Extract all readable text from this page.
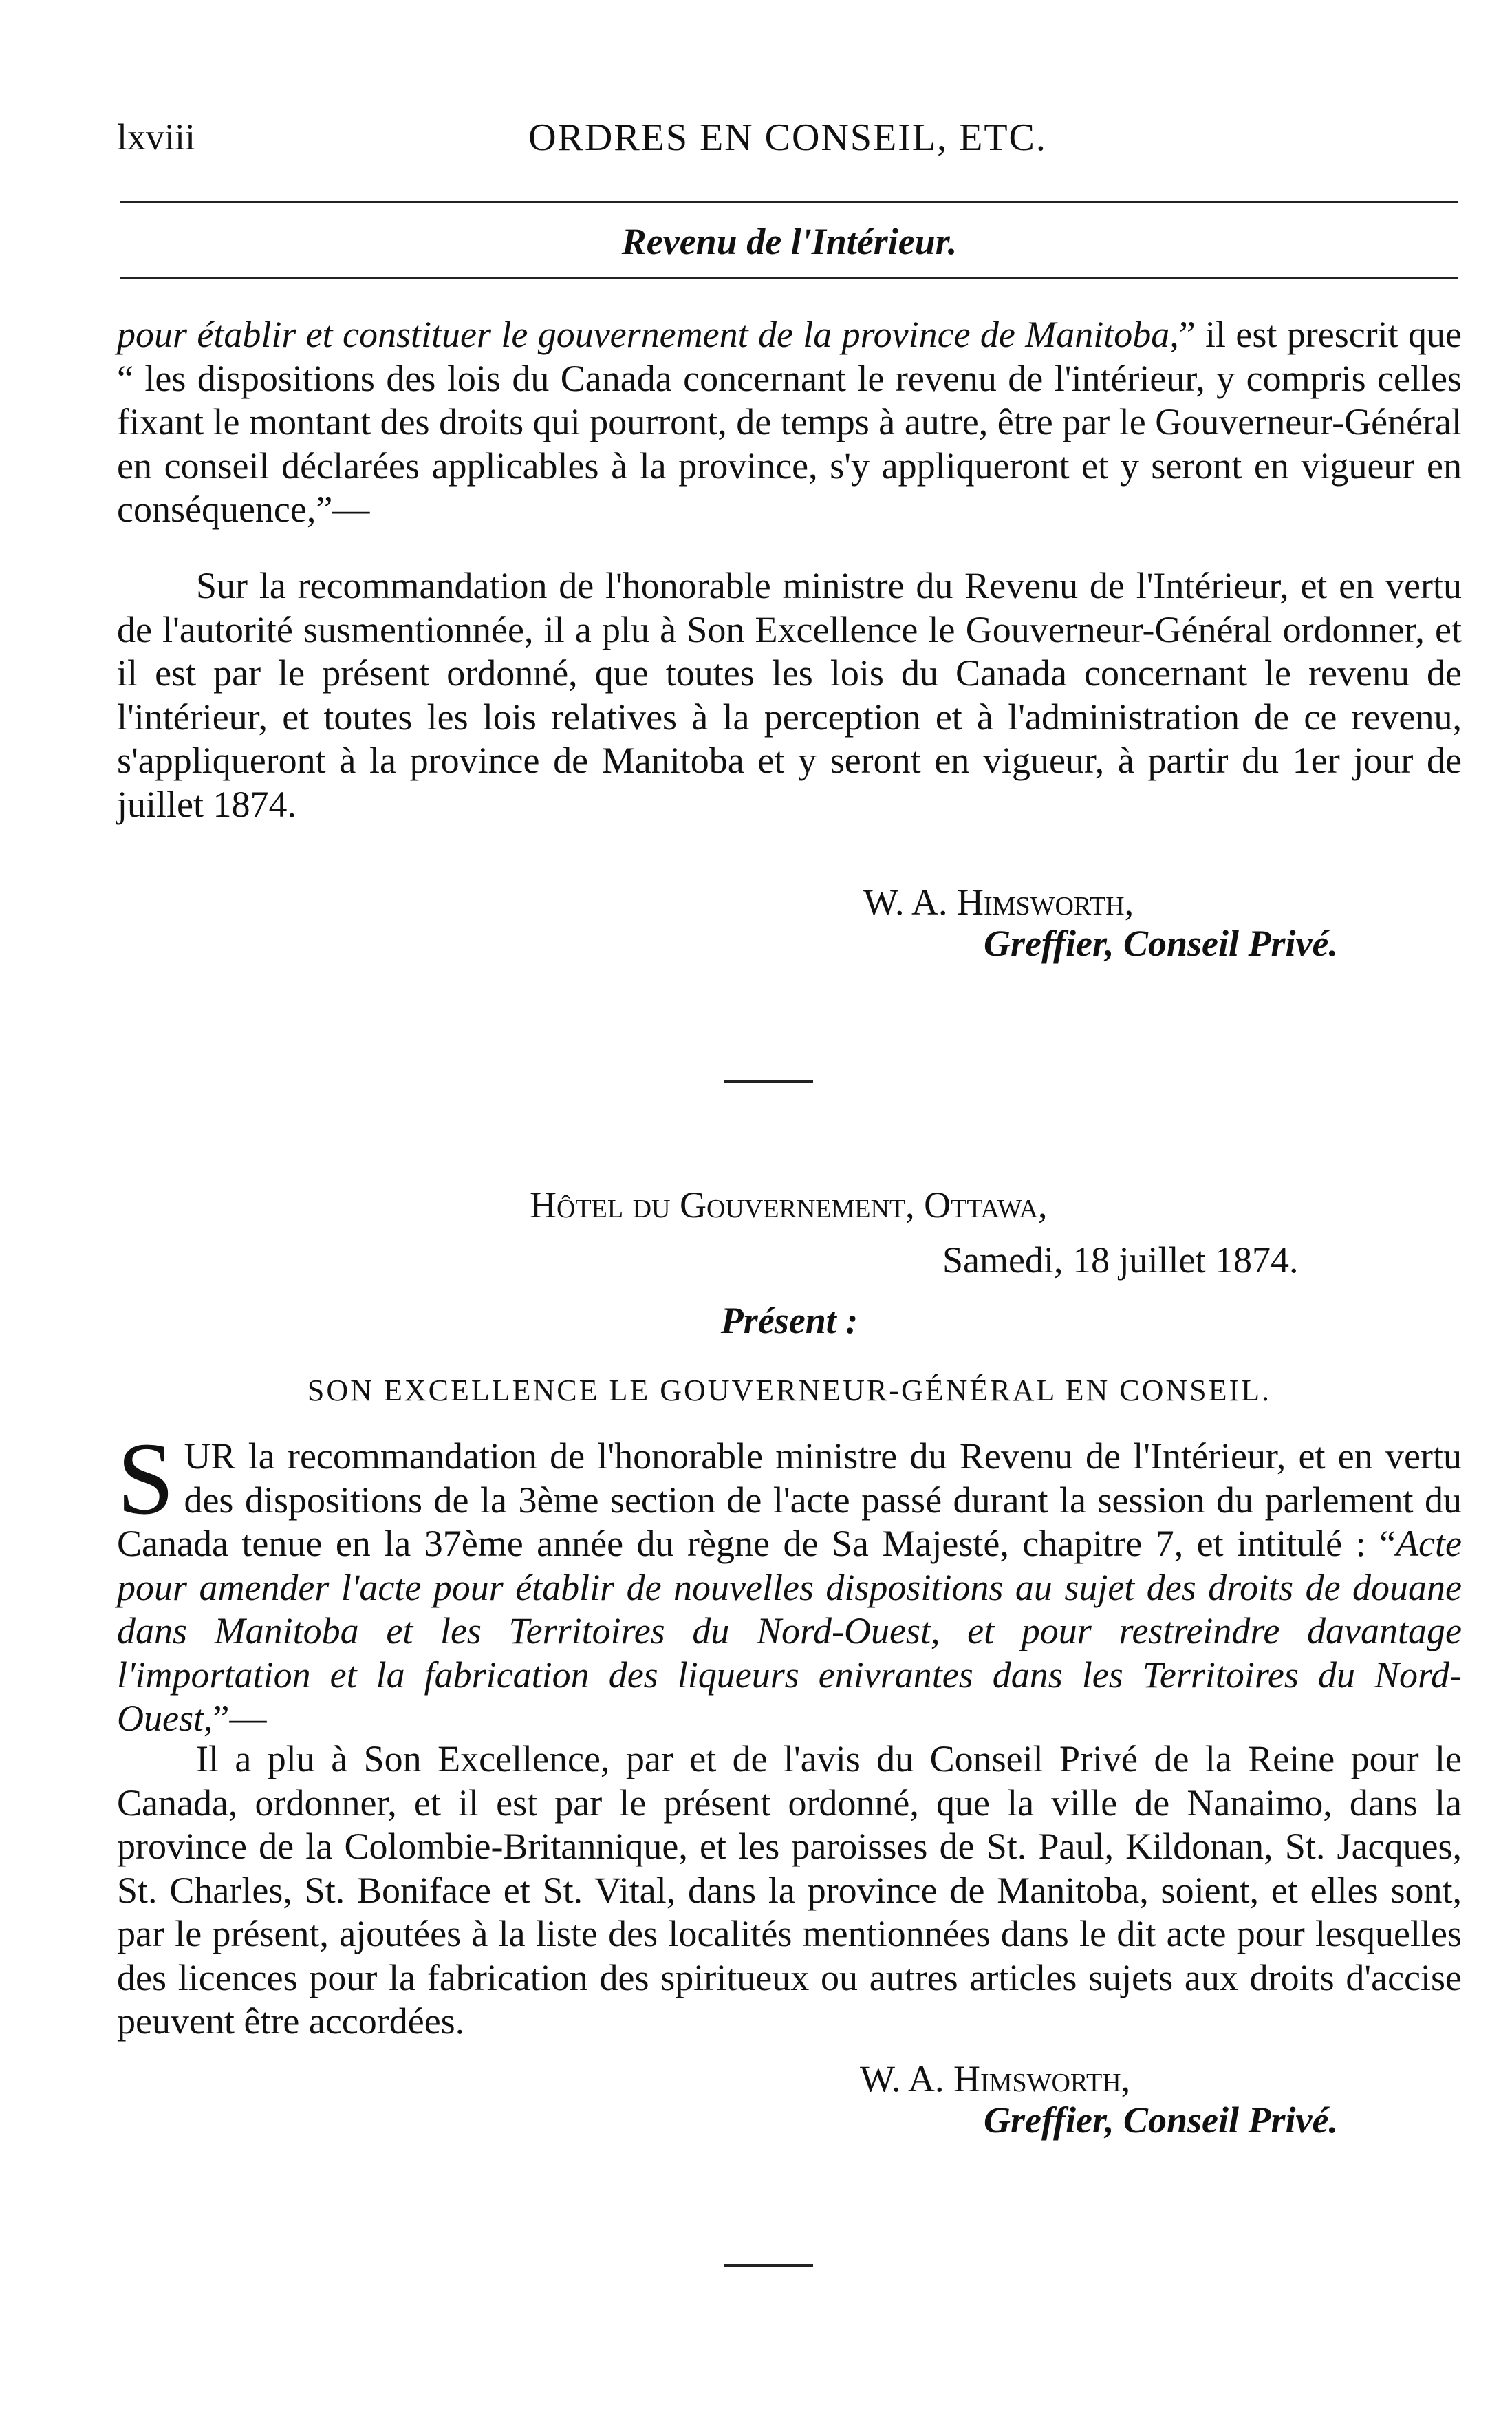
lxviii	ORDRES EN CONSEIL, ETC.
Revenu de l'Intérieur.

pour établir et constituer le gouvernement de la province de Manitoba,” il est prescrit que “ les dispositions des lois du Canada concernant le revenu de l'intérieur, y compris celles fixant le montant des droits qui pourront, de temps à autre, être par le Gouverneur-Général en conseil déclarées applicables à la province, s'y appliqueront et y seront en vigueur en conséquence,”—

Sur la recommandation de l'honorable ministre du Revenu de l'Intérieur, et en vertu de l'autorité susmentionnée, il a plu à Son Excellence le Gouverneur-Général ordonner, et il est par le présent ordonné, que toutes les lois du Canada concernant le revenu de l'intérieur, et toutes les lois relatives à la perception et à l'administration de ce revenu, s'appliqueront à la province de Manitoba et y seront en vigueur, à partir du 1er jour de juillet 1874.

W. A. Himsworth,
Greffier, Conseil Privé.
Hôtel du Gouvernement, Ottawa,
Samedi, 18 juillet 1874.
Présent :
SON EXCELLENCE LE GOUVERNEUR-GÉNÉRAL EN CONSEIL.

SUR la recommandation de l'honorable ministre du Revenu de l'Intérieur, et en vertu des dispositions de la 3ème section de l'acte passé durant la session du parlement du Canada tenue en la 37ème année du règne de Sa Majesté, chapitre 7, et intitulé : “Acte pour amender l'acte pour établir de nouvelles dispositions au sujet des droits de douane dans Manitoba et les Territoires du Nord-Ouest, et pour restreindre davantage l'importation et la fabrication des liqueurs enivrantes dans les Territoires du Nord-Ouest,”—

Il a plu à Son Excellence, par et de l'avis du Conseil Privé de la Reine pour le Canada, ordonner, et il est par le présent ordonné, que la ville de Nanaimo, dans la province de la Colombie-Britannique, et les paroisses de St. Paul, Kildonan, St. Jacques, St. Charles, St. Boniface et St. Vital, dans la province de Manitoba, soient, et elles sont, par le présent, ajoutées à la liste des localités mentionnées dans le dit acte pour lesquelles des licences pour la fabrication des spiritueux ou autres articles sujets aux droits d'accise peuvent être accordées.

W. A. Himsworth,
Greffier, Conseil Privé.
